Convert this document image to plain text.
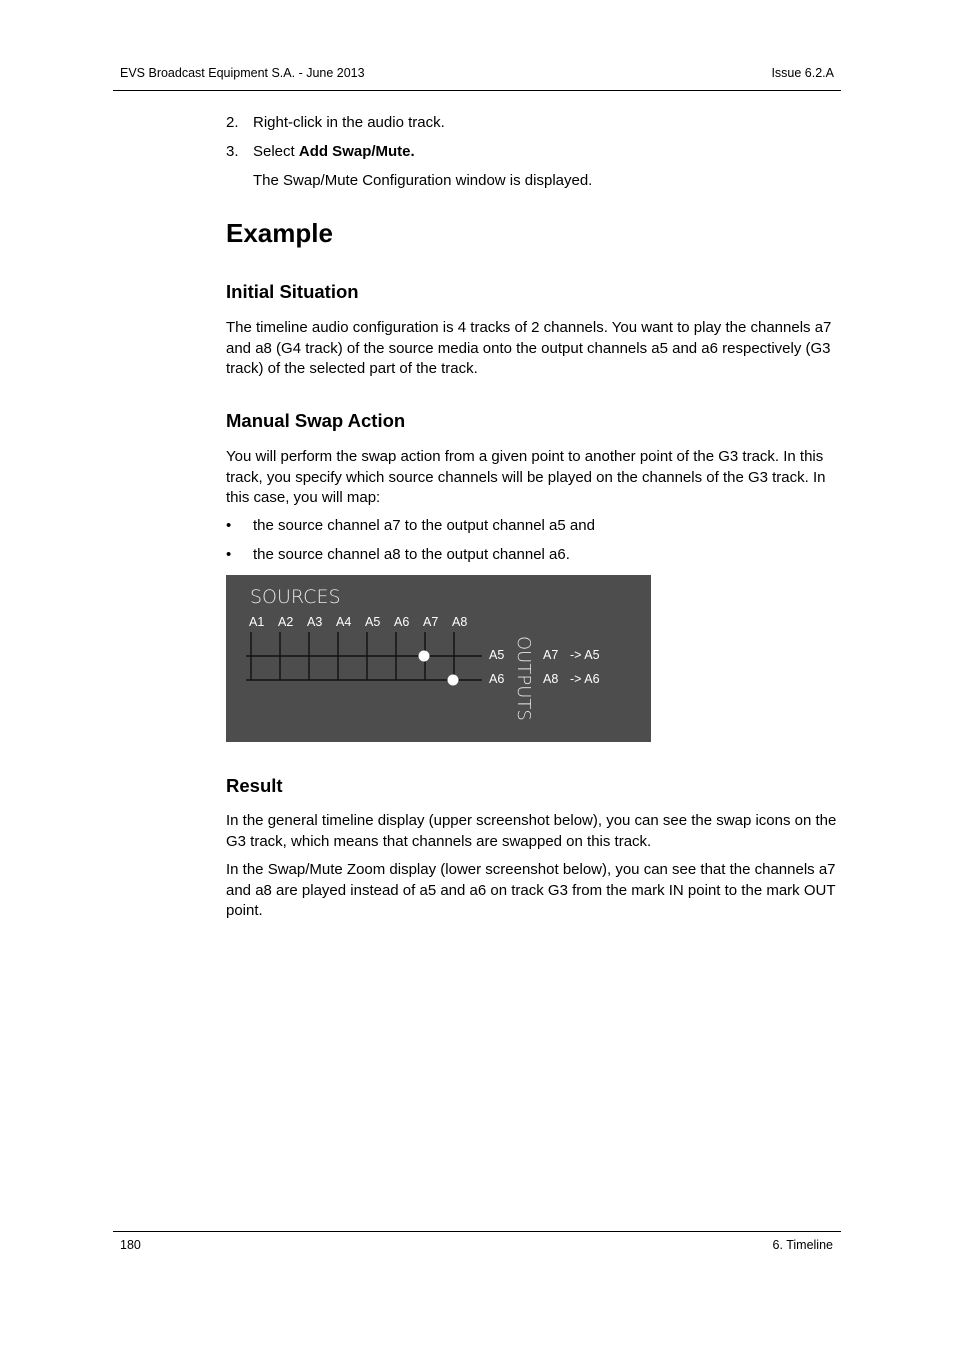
EVS Broadcast Equipment S.A. - June 2013	Issue 6.2.A
2. Right-click in the audio track.
3. Select Add Swap/Mute.
The Swap/Mute Configuration window is displayed.
Example
Initial Situation

The timeline audio configuration is 4 tracks of 2 channels. You want to play the channels a7 and a8 (G4 track) of the source media onto the output channels a5 and a6 respectively (G3 track) of the selected part of the track.

Manual Swap Action

You will perform the swap action from a given point to another point of the G3 track. In this track, you specify which source channels will be played on the channels of the G3 track. In this case, you will map:

• the source channel a7 to the output channel a5 and
• the source channel a8 to the output channel a6.
SOURCES
A1 A2 A3 A4 A5 A6 A7 A8
A5
A6
A7 -> A5
A8 -> A6
OUTPUTS
Result

In the general timeline display (upper screenshot below), you can see the swap icons on the G3 track, which means that channels are swapped on this track.

In the Swap/Mute Zoom display (lower screenshot below), you can see that the channels a7 and a8 are played instead of a5 and a6 on track G3 from the mark IN point to the mark OUT point.

180	6. Timeline
